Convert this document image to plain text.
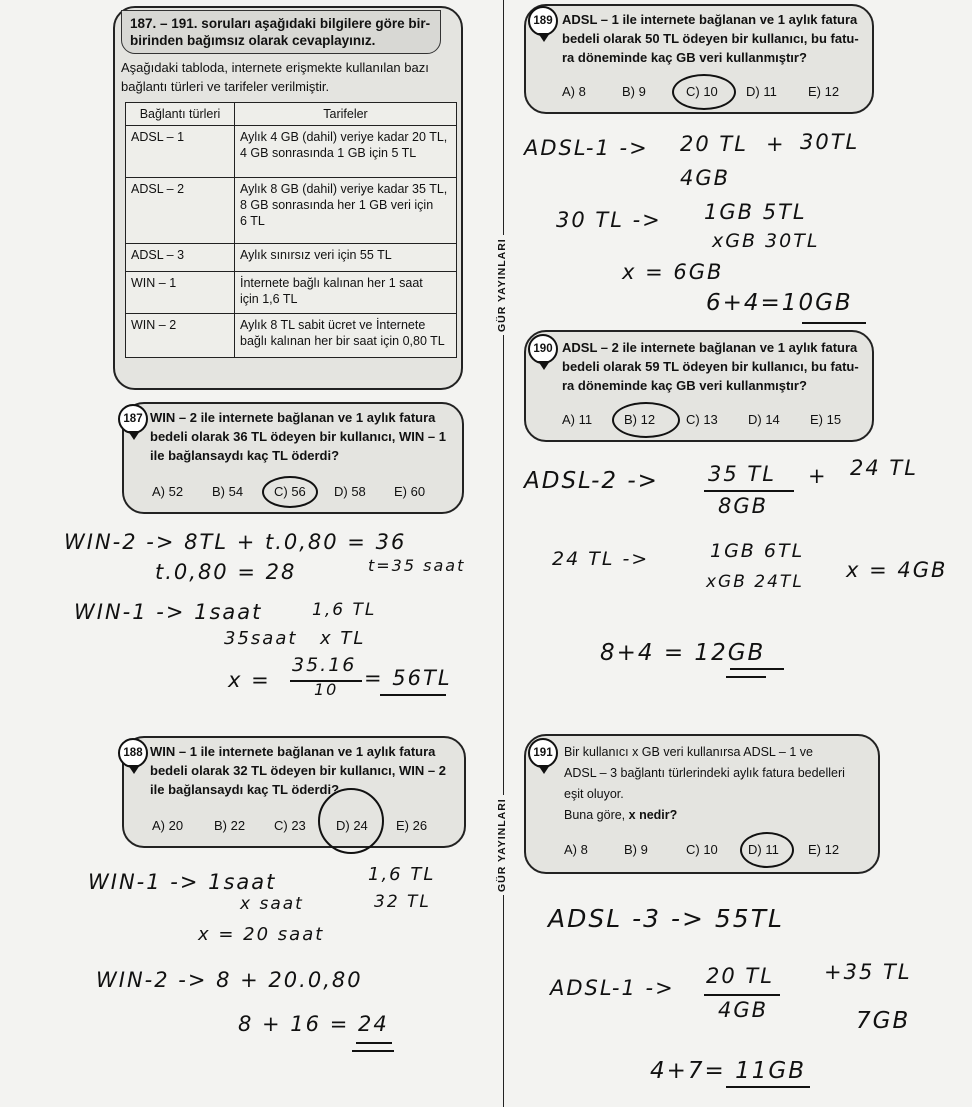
187. – 191. soruları aşağıdaki bilgilere göre bir-
birinden bağımsız olarak cevaplayınız.
Aşağıdaki tabloda, internete erişmekte kullanılan bazı
bağlantı türleri ve tarifeler verilmiştir.
Bağlantı türleri	Tarifeler
ADSL – 1	Aylık 4 GB (dahil) veriye kadar 20 TL,
4 GB sonrasında 1 GB için 5 TL

ADSL – 2	Aylık 8 GB (dahil) veriye kadar 35 TL,
8 GB sonrasında her 1 GB veri için
6 TL

ADSL – 3	Aylık sınırsız veri için 55 TL

WIN – 1	İnternete bağlı kalınan her 1 saat
için 1,6 TL

WIN – 2	Aylık 8 TL sabit ücret ve İnternete
bağlı kalınan her bir saat için 0,80 TL
WIN – 2 ile internete bağlanan ve 1 aylık fatura
bedeli olarak 36 TL ödeyen bir kullanıcı, WIN – 1
ile bağlansaydı kaç TL öderdi?
A) 52 B) 54 C) 56 D) 58 E) 60
187
WIN-2 -> 8TL + t.0,80 = 36
t.0,80 = 28	t=35 saat
WIN-1 -> 1saat	1,6 TL
35saat x TL
x =
35.16
10 = 56TL
WIN – 1 ile internete bağlanan ve 1 aylık fatura
bedeli olarak 32 TL ödeyen bir kullanıcı, WIN – 2
ile bağlansaydı kaç TL öderdi?
A) 20 B) 22 C) 23 D) 24 E) 26
188
WIN-1 -> 1saat	1,6 TL
x saat	32 TL
x = 20 saat
WIN-2 -> 8 + 20.0,80
8 + 16 = 24
GÜR YAYINLARI
GÜR YAYINLARI
ADSL – 1 ile internete bağlanan ve 1 aylık fatura
bedeli olarak 50 TL ödeyen bir kullanıcı, bu fatu-
ra döneminde kaç GB veri kullanmıştır?
A) 8	B) 9	C) 10 D) 11 E) 12
189
ADSL-1 -> 20 TL + 30TL
4GB
30 TL -> 1GB 5TL
xGB 30TL
x = 6GB
6+4=10GB
ADSL – 2 ile internete bağlanan ve 1 aylık fatura
bedeli olarak 59 TL ödeyen bir kullanıcı, bu fatu-
ra döneminde kaç GB veri kullanmıştır?
A) 11 B) 12 C) 13 D) 14 E) 15
190
ADSL-2 -> 35 TL + 24 TL
8GB
24 TL ->	1GB 6TL
xGB 24TL x = 4GB
8+4 = 12GB
Bir kullanıcı x GB veri kullanırsa ADSL – 1 ve
ADSL – 3 bağlantı türlerindeki aylık fatura bedelleri
eşit oluyor.
Buna göre, x nedir?
A) 8	B) 9	C) 10 D) 11 E) 12
191
ADSL -3 -> 55TL
ADSL-1 -> 20 TL +35 TL
4GB	7GB
4+7= 11GB
